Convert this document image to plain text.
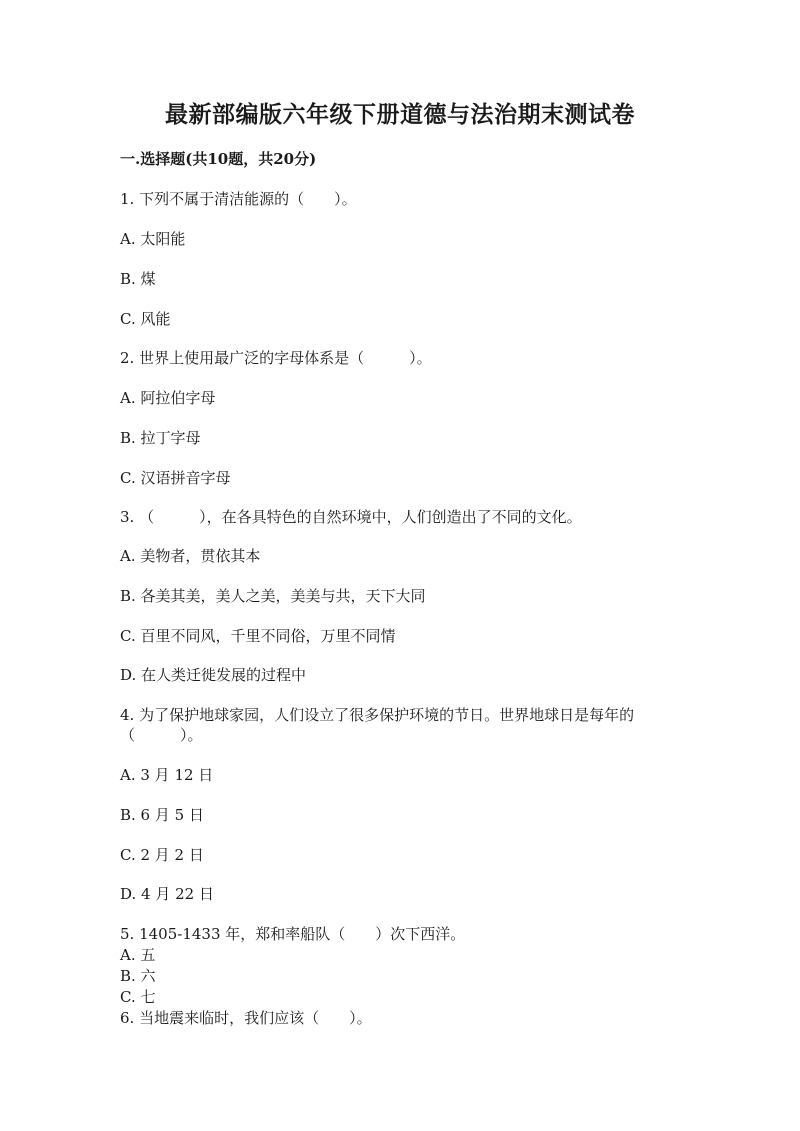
最新部编版六年级下册道德与法治期末测试卷
一.选择题(共10题，共20分)
1. 下列不属于清洁能源的（　　）。
A. 太阳能
B. 煤
C. 风能
2. 世界上使用最广泛的字母体系是（　　　）。
A. 阿拉伯字母
B. 拉丁字母
C. 汉语拼音字母
3. （　　　），在各具特色的自然环境中，人们创造出了不同的文化。
A. 美物者，贯依其本
B. 各美其美，美人之美，美美与共，天下大同
C. 百里不同风，千里不同俗，万里不同情
D. 在人类迁徙发展的过程中
4. 为了保护地球家园，人们设立了很多保护环境的节日。世界地球日是每年的
（　　　）。
A. 3 月 12 日
B. 6 月 5 日
C. 2 月 2 日
D. 4 月 22 日
5. 1405-1433 年，郑和率船队（　　）次下西洋。
A. 五
B. 六
C. 七
6. 当地震来临时，我们应该（　　）。
